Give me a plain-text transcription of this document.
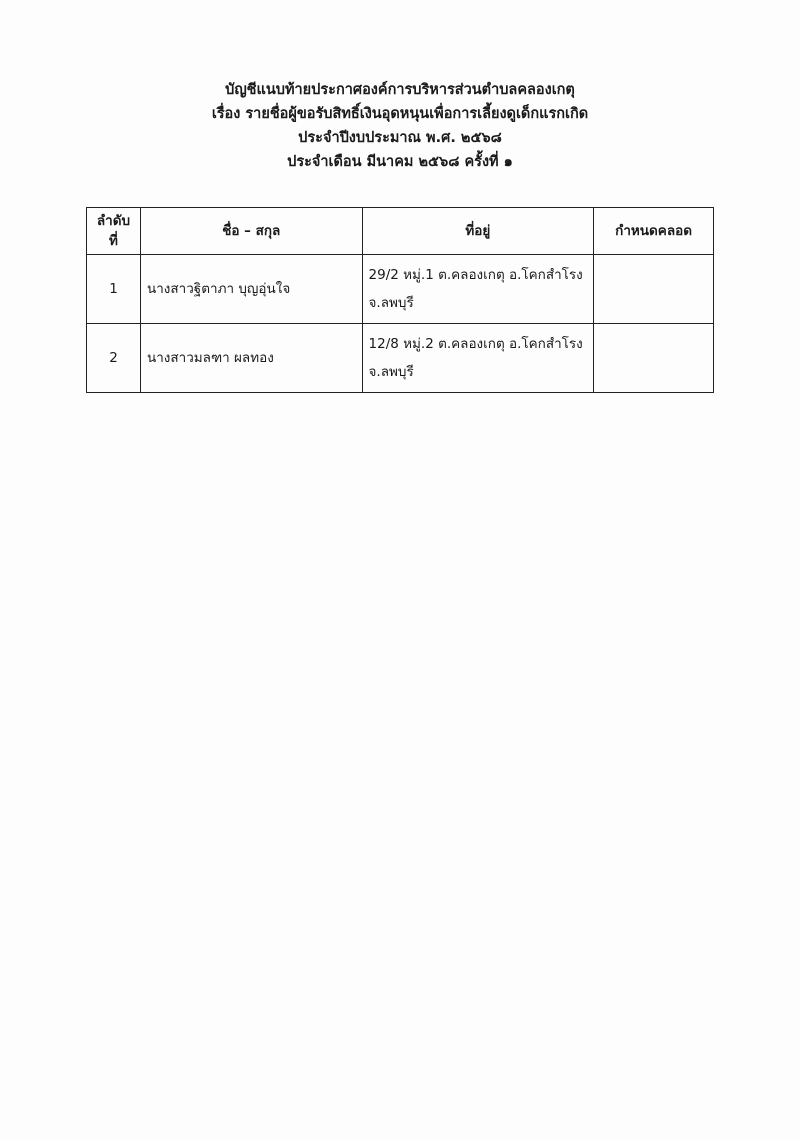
บัญชีแนบท้ายประกาศองค์การบริหารส่วนตำบลคลองเกตุ
เรื่อง รายชื่อผู้ขอรับสิทธิ์เงินอุดหนุนเพื่อการเลี้ยงดูเด็กแรกเกิด
ประจำปีงบประมาณ พ.ศ. ๒๕๖๘
ประจำเดือน มีนาคม ๒๕๖๘ ครั้งที่ ๑
ลำดับ
ที่	ชื่อ – สกุล	ที่อยู่	กำหนดคลอด
1	นางสาวฐิตาภา บุญอุ่นใจ	29/2 หมู่.1 ต.คลองเกตุ อ.โคกสำโรง
จ.ลพบุรี	

2	นางสาวมลฑา ผลทอง	12/8 หมู่.2 ต.คลองเกตุ อ.โคกสำโรง
จ.ลพบุรี	
